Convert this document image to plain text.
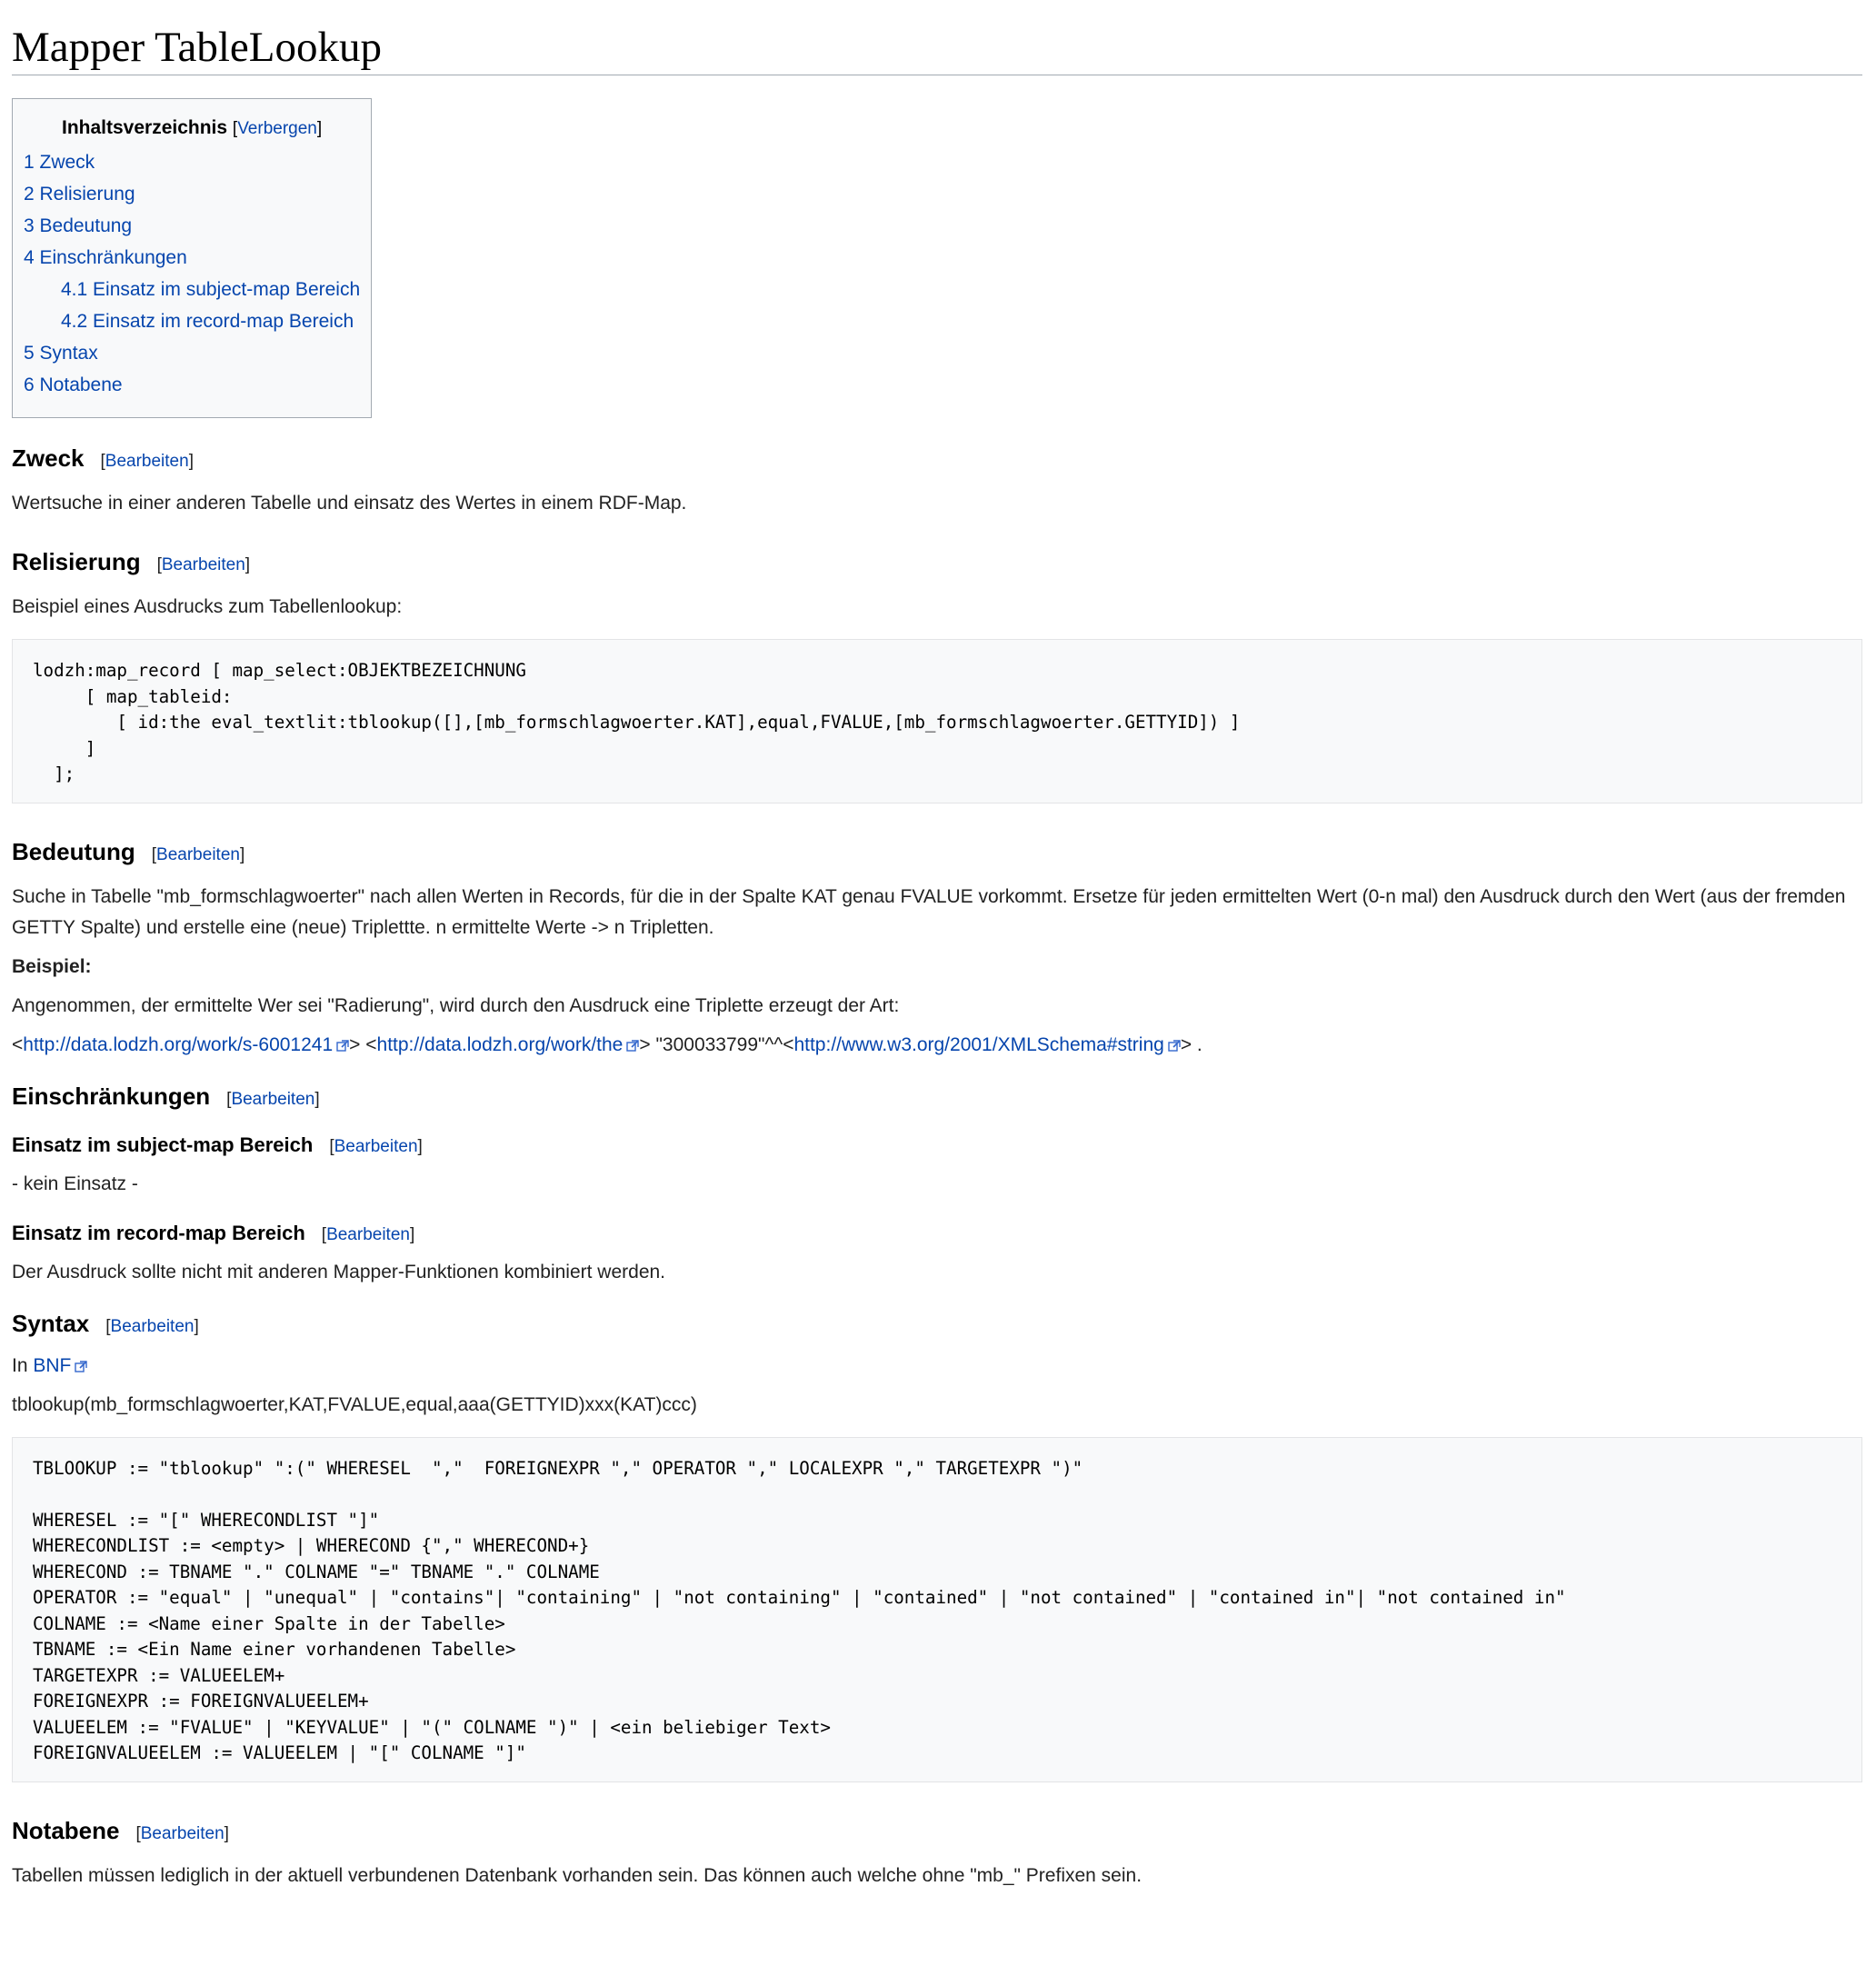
Mapper TableLookup
Inhaltsverzeichnis [Verbergen]
1 Zweck
2 Relisierung
3 Bedeutung
4 Einschränkungen
4.1 Einsatz im subject-map Bereich
4.2 Einsatz im record-map Bereich
5 Syntax
6 Notabene
Zweck [Bearbeiten]

Wertsuche in einer anderen Tabelle und einsatz des Wertes in einem RDF-Map.

Relisierung [Bearbeiten]

Beispiel eines Ausdrucks zum Tabellenlookup:

lodzh:map_record [ map_select:OBJEKTBEZEICHNUNG
[ map_tableid:
[ id:the eval_textlit:tblookup([],[mb_formschlagwoerter.KAT],equal,FVALUE,[mb_formschlagwoerter.GETTYID]) ]
]
];
Bedeutung [Bearbeiten]

Suche in Tabelle "mb_formschlagwoerter" nach allen Werten in Records, für die in der Spalte KAT genau FVALUE vorkommt. Ersetze für jeden ermittelten Wert (0-n mal) den Ausdruck durch den Wert (aus der fremden GETTY Spalte) und erstelle eine (neue) Triplettte. n ermittelte Werte -> n Tripletten.

Beispiel:

Angenommen, der ermittelte Wer sei "Radierung", wird durch den Ausdruck eine Triplette erzeugt der Art:

<http://data.lodzh.org/work/s-6001241 > <http://data.lodzh.org/work/the > "300033799"^^<http://www.w3.org/2001/XMLSchema#string > .

Einschränkungen [Bearbeiten]
Einsatz im subject-map Bereich [Bearbeiten]

- kein Einsatz -

Einsatz im record-map Bereich [Bearbeiten]

Der Ausdruck sollte nicht mit anderen Mapper-Funktionen kombiniert werden.

Syntax [Bearbeiten]

In BNF

tblookup(mb_formschlagwoerter,KAT,FVALUE,equal,aaa(GETTYID)xxx(KAT)ccc)

TBLOOKUP := "tblookup" ":(" WHERESEL  ","  FOREIGNEXPR "," OPERATOR "," LOCALEXPR "," TARGETEXPR ")"

WHERESEL := "[" WHERECONDLIST "]"
WHERECONDLIST := <empty> | WHERECOND {"," WHERECOND+}
WHERECOND := TBNAME "." COLNAME "=" TBNAME "." COLNAME
OPERATOR := "equal" | "unequal" | "contains"| "containing" | "not containing" | "contained" | "not contained" | "contained in"| "not contained in"
COLNAME := <Name einer Spalte in der Tabelle>
TBNAME := <Ein Name einer vorhandenen Tabelle>
TARGETEXPR := VALUEELEM+
FOREIGNEXPR := FOREIGNVALUEELEM+
VALUEELEM := "FVALUE" | "KEYVALUE" | "(" COLNAME ")" | <ein beliebiger Text>
FOREIGNVALUEELEM := VALUEELEM | "[" COLNAME "]"
Notabene [Bearbeiten]

Tabellen müssen lediglich in der aktuell verbundenen Datenbank vorhanden sein. Das können auch welche ohne "mb_" Prefixen sein.
